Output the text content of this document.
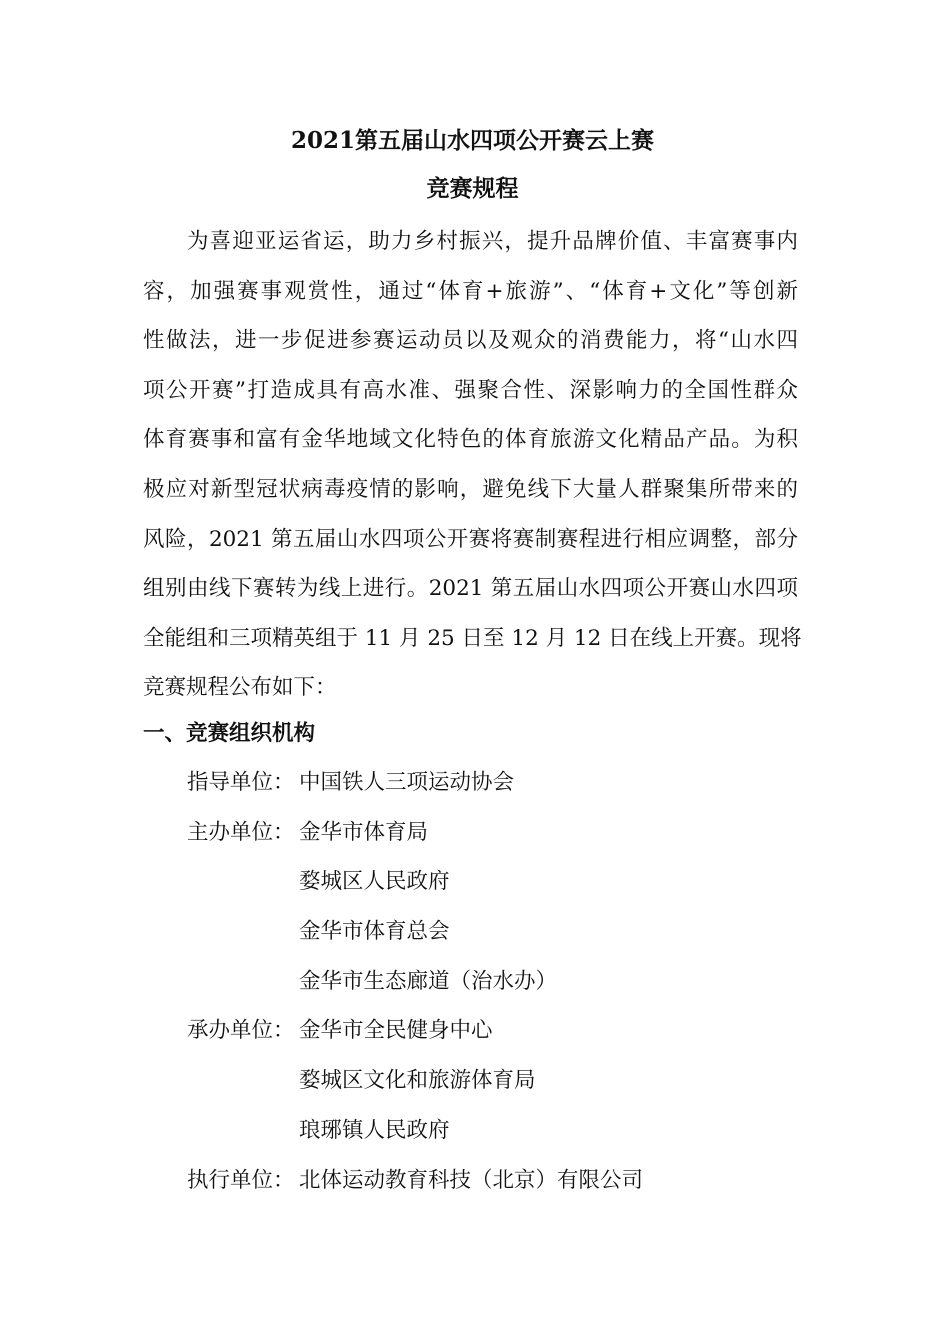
2021第五届山水四项公开赛云上赛
竞赛规程
为喜迎亚运省运，助力乡村振兴，提升品牌价值、丰富赛事内
容，加强赛事观赏性，通过“体育+旅游”、“体育+文化”等创新
性做法，进一步促进参赛运动员以及观众的消费能力，将“山水四
项公开赛”打造成具有高水准、强聚合性、深影响力的全国性群众
体育赛事和富有金华地域文化特色的体育旅游文化精品产品。为积
极应对新型冠状病毒疫情的影响，避免线下大量人群聚集所带来的
风险，2021 第五届山水四项公开赛将赛制赛程进行相应调整，部分
组别由线下赛转为线上进行。2021 第五届山水四项公开赛山水四项
全能组和三项精英组于 11 月 25 日至 12 月 12 日在线上开赛。现将
竞赛规程公布如下：
一、竞赛组织机构
指导单位： 中国铁人三项运动协会
主办单位： 金华市体育局
婺城区人民政府
金华市体育总会
金华市生态廊道（治水办）
承办单位： 金华市全民健身中心
婺城区文化和旅游体育局
琅琊镇人民政府
执行单位： 北体运动教育科技（北京）有限公司
